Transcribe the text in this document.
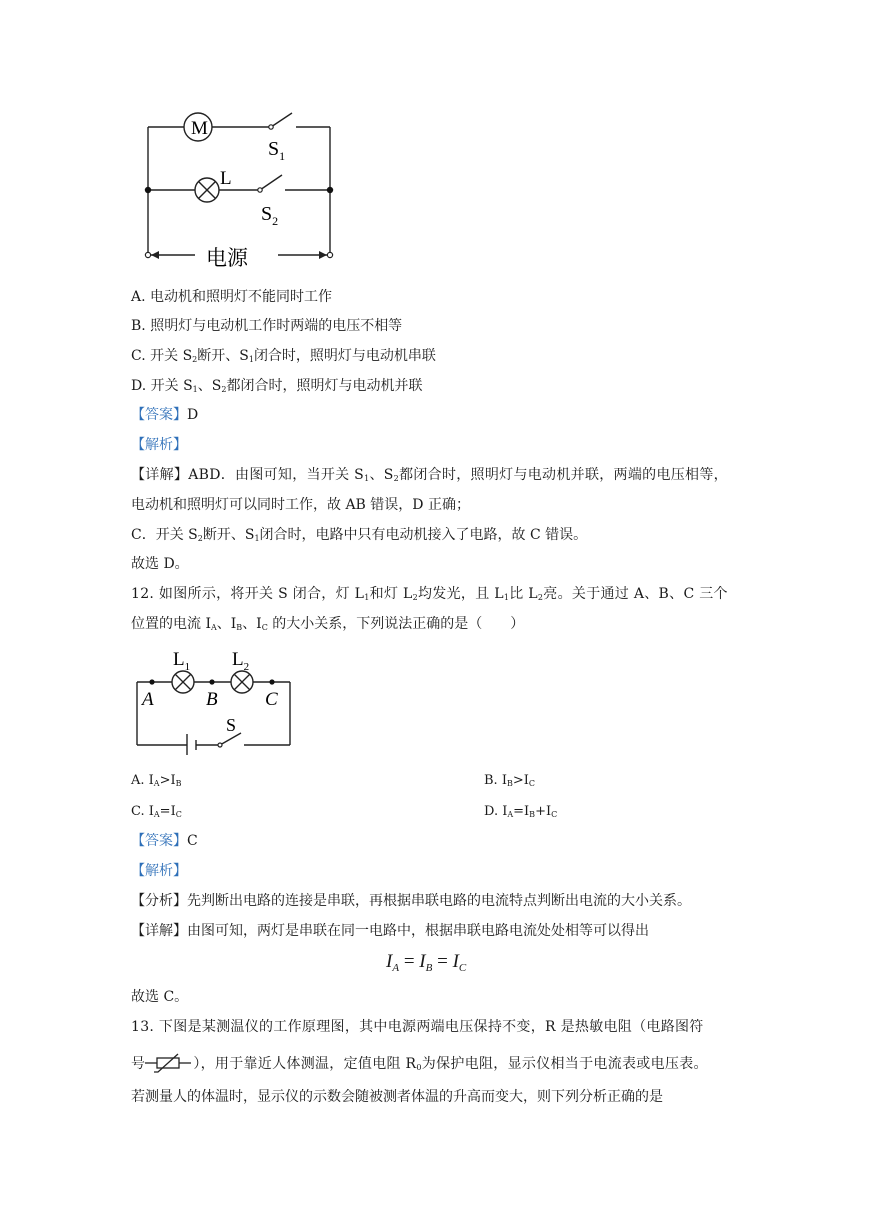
M
L
$S_1$
$S_2$
电源
A. 电动机和照明灯不能同时工作
B. 照明灯与电动机工作时两端的电压不相等
C. 开关 $S_2$断开、$S_1$闭合时，照明灯与电动机串联
D. 开关 $S_1$、$S_2$都闭合时，照明灯与电动机并联
【答案】D
【解析】
【详解】ABD．由图可知，当开关 $S_1$、$S_2$都闭合时，照明灯与电动机并联，两端的电压相等，
电动机和照明灯可以同时工作，故 AB 错误，D 正确；
C．开关 $S_2$断开、$S_1$闭合时，电路中只有电动机接入了电路，故 C 错误。
故选 D。
12. 如图所示，将开关 S 闭合，灯 $L_1$和灯 $L_2$均发光，且 $L_1$比 $L_2$亮。关于通过 A、B、C 三个
位置的电流 $I_A$、$I_B$、$I_C$ 的大小关系，下列说法正确的是（　　）
$L_1$ $L_2$
A	B C
S
A. $I_A>I_B$	B. $I_B>I_C$
C. $I_A=I_C$	D. $I_A=I_B+I_C$
【答案】C
【解析】
【分析】先判断出电路的连接是串联，再根据串联电路的电流特点判断出电流的大小关系。
【详解】由图可知，两灯是串联在同一电路中，根据串联电路电流处处相等可以得出
$I_A = I_B = I_C$
故选 C。
13. 下图是某测温仪的工作原理图，其中电源两端电压保持不变，R 是热敏电阻（电路图符
号	），用于靠近人体测温，定值电阻 $R_0$为保护电阻，显示仪相当于电流表或电压表。
若测量人的体温时，显示仪的示数会随被测者体温的升高而变大，则下列分析正确的是
